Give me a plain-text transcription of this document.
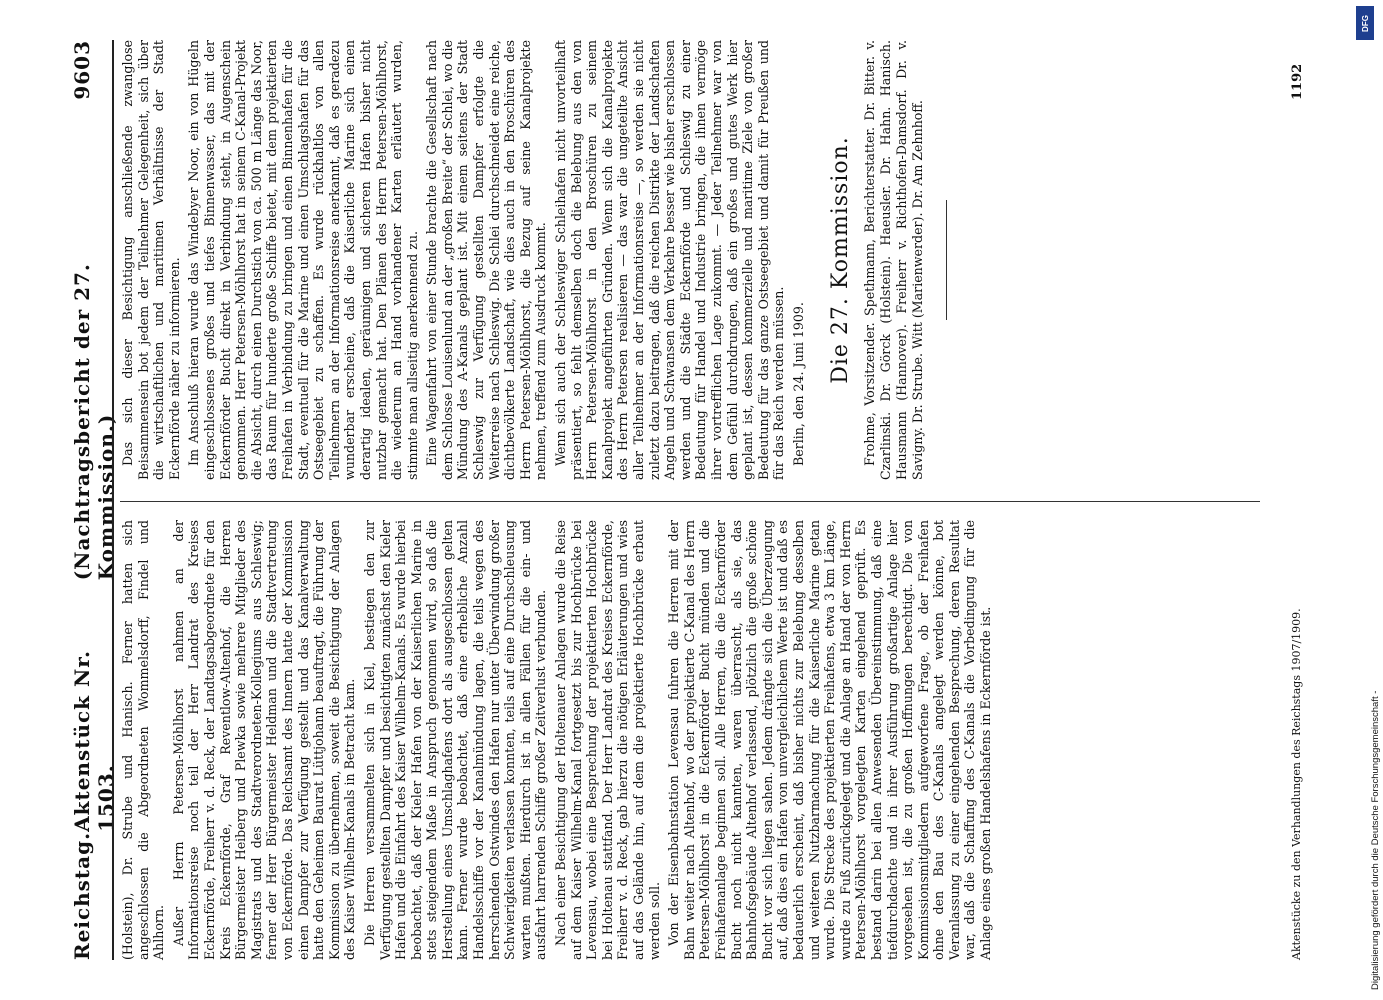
Reichstag.
Aktenstück Nr. 1503.
(Nachtragsbericht der 27. Kommission.)
9603

(Holstein), Dr. Strube und Hanisch. Ferner hatten sich angeschlossen die Abgeordneten Wommelsdorff, Findel und Ahlhorn. Außer Herrn Petersen-Möhlhorst nahmen an der Informationsreise noch teil der Herr Landrat des Kreises Eckernförde, Freiherr v. d. Reck, der Landtagsabgeordnete für den Kreis Eckernförde, Graf Reventlow-Altenhof, die Herren Bürgermeister Heiberg und Plewka sowie mehrere Mitglieder des Magistrats und des Stadtverordneten-Kollegiums aus Schleswig; ferner der Herr Bürgermeister Heldman und die Stadtvertretung von Eckernförde. Das Reichsamt des Innern hatte der Kommission einen Dampfer zur Verfügung gestellt und das Kanalverwaltung hatte den Geheimen Baurat Lüttjohann beauftragt, die Führung der Kommission zu übernehmen, soweit die Besichtigung der Anlagen des Kaiser Wilhelm-Kanals in Betracht kam. Die Herren versammelten sich in Kiel, bestiegen den zur Verfügung gestellten Dampfer und besichtigten zunächst den Kieler Hafen und die Einfahrt des Kaiser Wilhelm-Kanals. Es wurde hierbei beobachtet, daß der Kieler Hafen von der Kaiserlichen Marine in stets steigendem Maße in Anspruch genommen wird, so daß die Herstellung eines Umschlaghafens dort als ausgeschlossen gelten kann. Ferner wurde beobachtet, daß eine erhebliche Anzahl Handelsschiffe vor der Kanalmündung lagen, die teils wegen des herrschenden Ostwindes den Hafen nur unter Überwindung großer Schwierigkeiten verlassen konnten, teils auf eine Durchschleusung warten mußten. Hierdurch ist in allen Fällen für die ein- und ausfahrt harrenden Schiffe großer Zeitverlust verbunden. Nach einer Besichtigung der Holtenauer Anlagen wurde die Reise auf dem Kaiser Wilhelm-Kanal fortgesetzt bis zur Hochbrücke bei Levensau, wobei eine Besprechung der projektierten Hochbrücke bei Holtenau stattfand. Der Herr Landrat des Kreises Eckernförde, Freiherr v. d. Reck, gab hierzu die nötigen Erläuterungen und wies auf das Gelände hin, auf dem die projektierte Hochbrücke erbaut werden soll. Von der Eisenbahnstation Levensau fuhren die Herren mit der Bahn weiter nach Altenhof, wo der projektierte C-Kanal des Herrn Petersen-Möhlhorst in die Eckernförder Bucht münden und die Freihafenanlage beginnen soll. Alle Herren, die die Eckernförder Bucht noch nicht kannten, waren überrascht, als sie, das Bahnhofsgebäude Altenhof verlassend, plötzlich die große schöne Bucht vor sich liegen sahen. Jedem drängte sich die Überzeugung auf, daß dies ein Hafen von unvergleichlichem Werte ist und daß es bedauerlich erscheint, daß bisher nichts zur Belebung desselben und weiteren Nutzbarmachung für die Kaiserliche Marine getan wurde. Die Strecke des projektierten Freihafens, etwa 3 km Länge, wurde zu Fuß zurückgelegt und die Anlage an Hand der von Herrn Petersen-Möhlhorst vorgelegten Karten eingehend geprüft. Es bestand darin bei allen Anwesenden Übereinstimmung, daß eine tiefdurchdachte und in ihrer Ausführung großartige Anlage hier vorgesehen ist, die zu großen Hoffnungen berechtigt. Die von Kommissionsmitgliedern aufgeworfene Frage, ob der Freihafen ohne den Bau des C-Kanals angelegt werden könne, bot Veranlassung zu einer eingehenden Besprechung, deren Resultat war, daß die Schaffung des C-Kanals die Vorbedingung für die Anlage eines großen Handelshafens in Eckernförde ist.

Das sich dieser Besichtigung anschließende zwanglose Beisammensein bot jedem der Teilnehmer Gelegenheit, sich über die wirtschaftlichen und maritimen Verhältnisse der Stadt Eckernförde näher zu informieren. Im Anschluß hieran wurde das Windebyer Noor, ein von Hügeln eingeschlossenes großes und tiefes Binnenwasser, das mit der Eckernförder Bucht direkt in Verbindung steht, in Augenschein genommen. Herr Petersen-Möhlhorst hat in seinem C-Kanal-Projekt die Absicht, durch einen Durchstich von ca. 500 m Länge das Noor, das Raum für hunderte große Schiffe bietet, mit dem projektierten Freihafen in Verbindung zu bringen und einen Binnenhafen für die Stadt, eventuell für die Marine und einen Umschlagshafen für das Ostseegebiet zu schaffen. Es wurde rückhaltlos von allen Teilnehmern an der Informationsreise anerkannt, daß es geradezu wunderbar erscheine, daß die Kaiserliche Marine sich einen derartig idealen, geräumigen und sicheren Hafen bisher nicht nutzbar gemacht hat. Den Plänen des Herrn Petersen-Möhlhorst, die wiederum an Hand vorhandener Karten erläutert wurden, stimmte man allseitig anerkennend zu. Eine Wagenfahrt von einer Stunde brachte die Gesellschaft nach dem Schlosse Louisenlund an der „großen Breite“ der Schlei, wo die Mündung des A-Kanals geplant ist. Mit einem seitens der Stadt Schleswig zur Verfügung gestellten Dampfer erfolgte die Weiterreise nach Schleswig. Die Schlei durchschneidet eine reiche, dichtbevölkerte Landschaft, wie dies auch in den Broschüren des Herrn Petersen-Möhlhorst, die Bezug auf seine Kanalprojekte nehmen, treffend zum Ausdruck kommt. Wenn sich auch der Schleswiger Schleihafen nicht unvorteilhaft präsentiert, so fehlt demselben doch die Belebung aus den von Herrn Petersen-Möhlhorst in den Broschüren zu seinem Kanalprojekt angeführten Gründen. Wenn sich die Kanalprojekte des Herrn Petersen realisieren — das war die ungeteilte Ansicht aller Teilnehmer an der Informationsreise —, so werden sie nicht zuletzt dazu beitragen, daß die reichen Distrikte der Landschaften Angeln und Schwansen dem Verkehre besser wie bisher erschlossen werden und die Städte Eckernförde und Schleswig zu einer Bedeutung für Handel und Industrie bringen, die ihnen vermöge ihrer vortrefflichen Lage zukommt. — Jeder Teilnehmer war von dem Gefühl durchdrungen, daß ein großes und gutes Werk hier geplant ist, dessen kommerzielle und maritime Ziele von großer Bedeutung für das ganze Ostseegebiet und damit für Preußen und für das Reich werden müssen. Berlin, den 24. Juni 1909.

Die 27. Kommission. Frohme, Vorsitzender. Spethmann, Berichterstatter. Dr. Bitter. v. Czarlinski. Dr. Görck (Holstein). Haeusler. Dr. Hahn. Hanisch. Hausmann (Hannover). Freiherr v. Richthofen-Damsdorf. Dr. v. Savigny. Dr. Strube. Witt (Marienwerder). Dr. Am Zehnhoff.

Aktenstücke zu den Verhandlungen des Reichstags 1907/1909.
1192
DFG
Digitalisierung gefördert durch die Deutsche Forschungsgemeinschaft -
